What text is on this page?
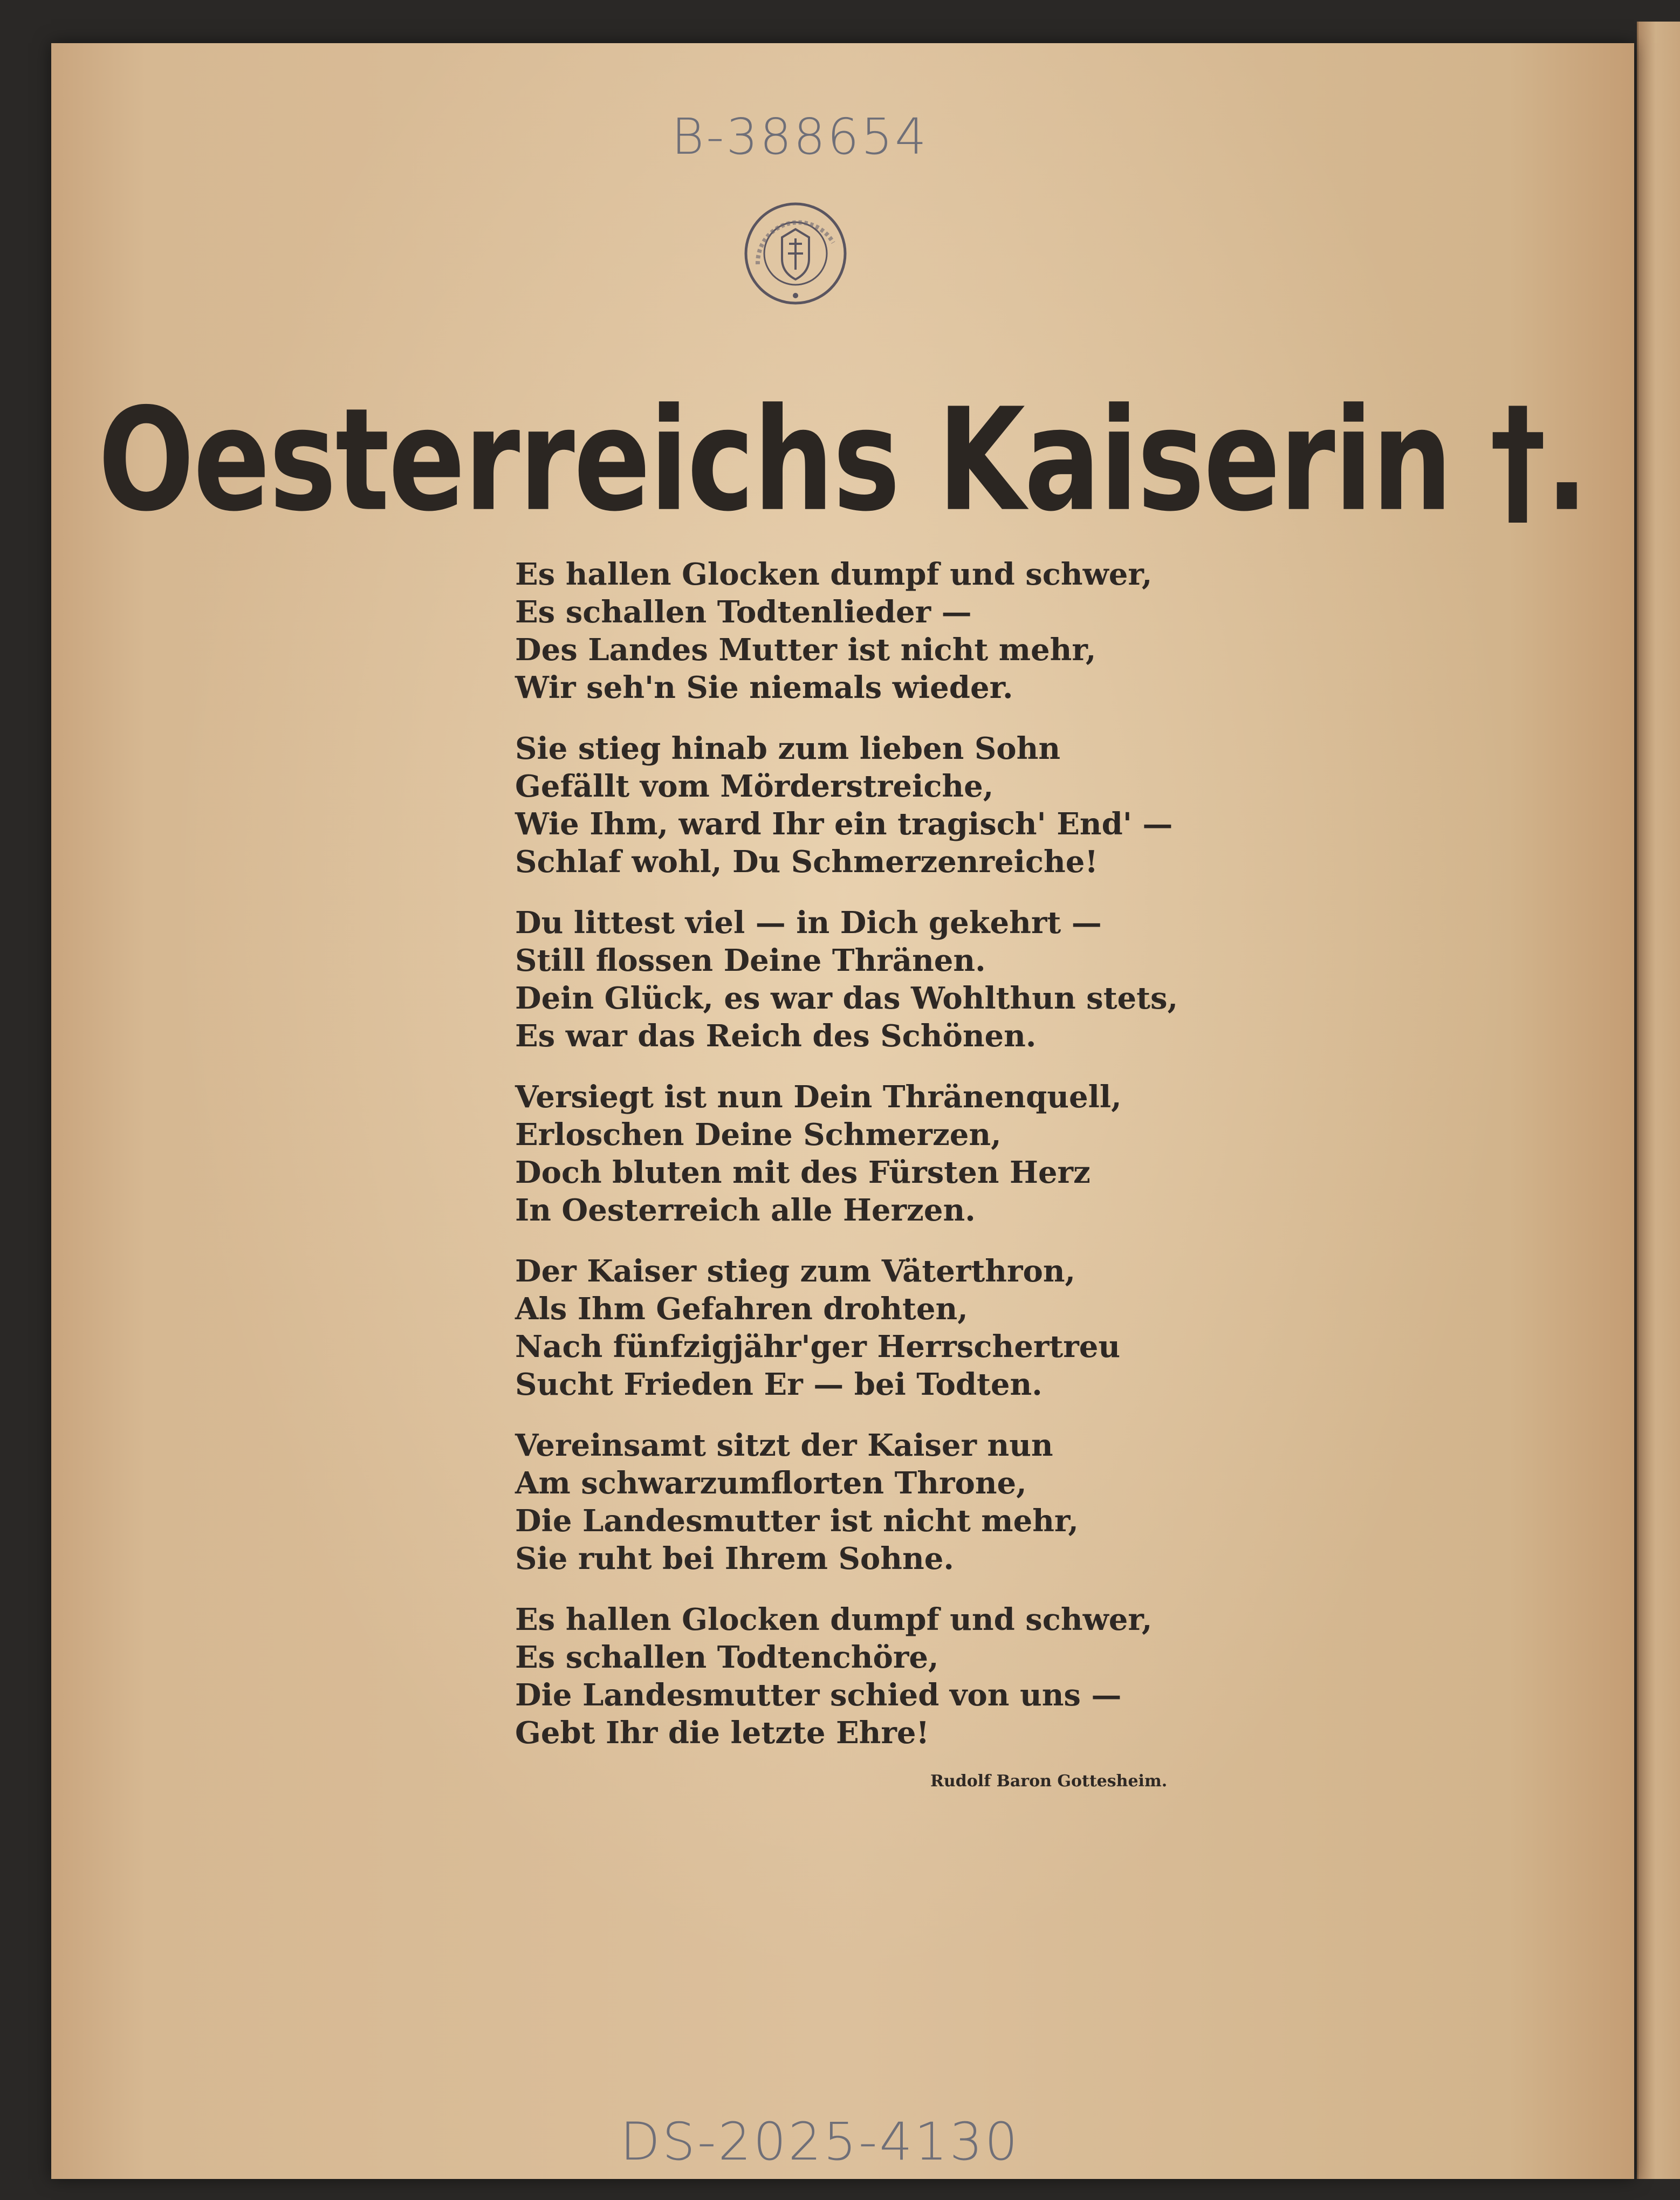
B-388654
Oesterreichs Kaiserin †.
Es hallen Glocken dumpf und schwer,
Es schallen Todtenlieder —
Des Landes Mutter ist nicht mehr,
Wir seh'n Sie niemals wieder.
Sie stieg hinab zum lieben Sohn
Gefällt vom Mörderstreiche,
Wie Ihm, ward Ihr ein tragisch' End' —
Schlaf wohl, Du Schmerzenreiche!
Du littest viel — in Dich gekehrt —
Still flossen Deine Thränen.
Dein Glück, es war das Wohlthun stets,
Es war das Reich des Schönen.
Versiegt ist nun Dein Thränenquell,
Erloschen Deine Schmerzen,
Doch bluten mit des Fürsten Herz
In Oesterreich alle Herzen.
Der Kaiser stieg zum Väterthron,
Als Ihm Gefahren drohten,
Nach fünfzigjähr'ger Herrschertreu
Sucht Frieden Er — bei Todten.
Vereinsamt sitzt der Kaiser nun
Am schwarzumflorten Throne,
Die Landesmutter ist nicht mehr,
Sie ruht bei Ihrem Sohne.
Es hallen Glocken dumpf und schwer,
Es schallen Todtenchöre,
Die Landesmutter schied von uns —
Gebt Ihr die letzte Ehre!
Rudolf Baron Gottesheim.
DS-2025-4130
